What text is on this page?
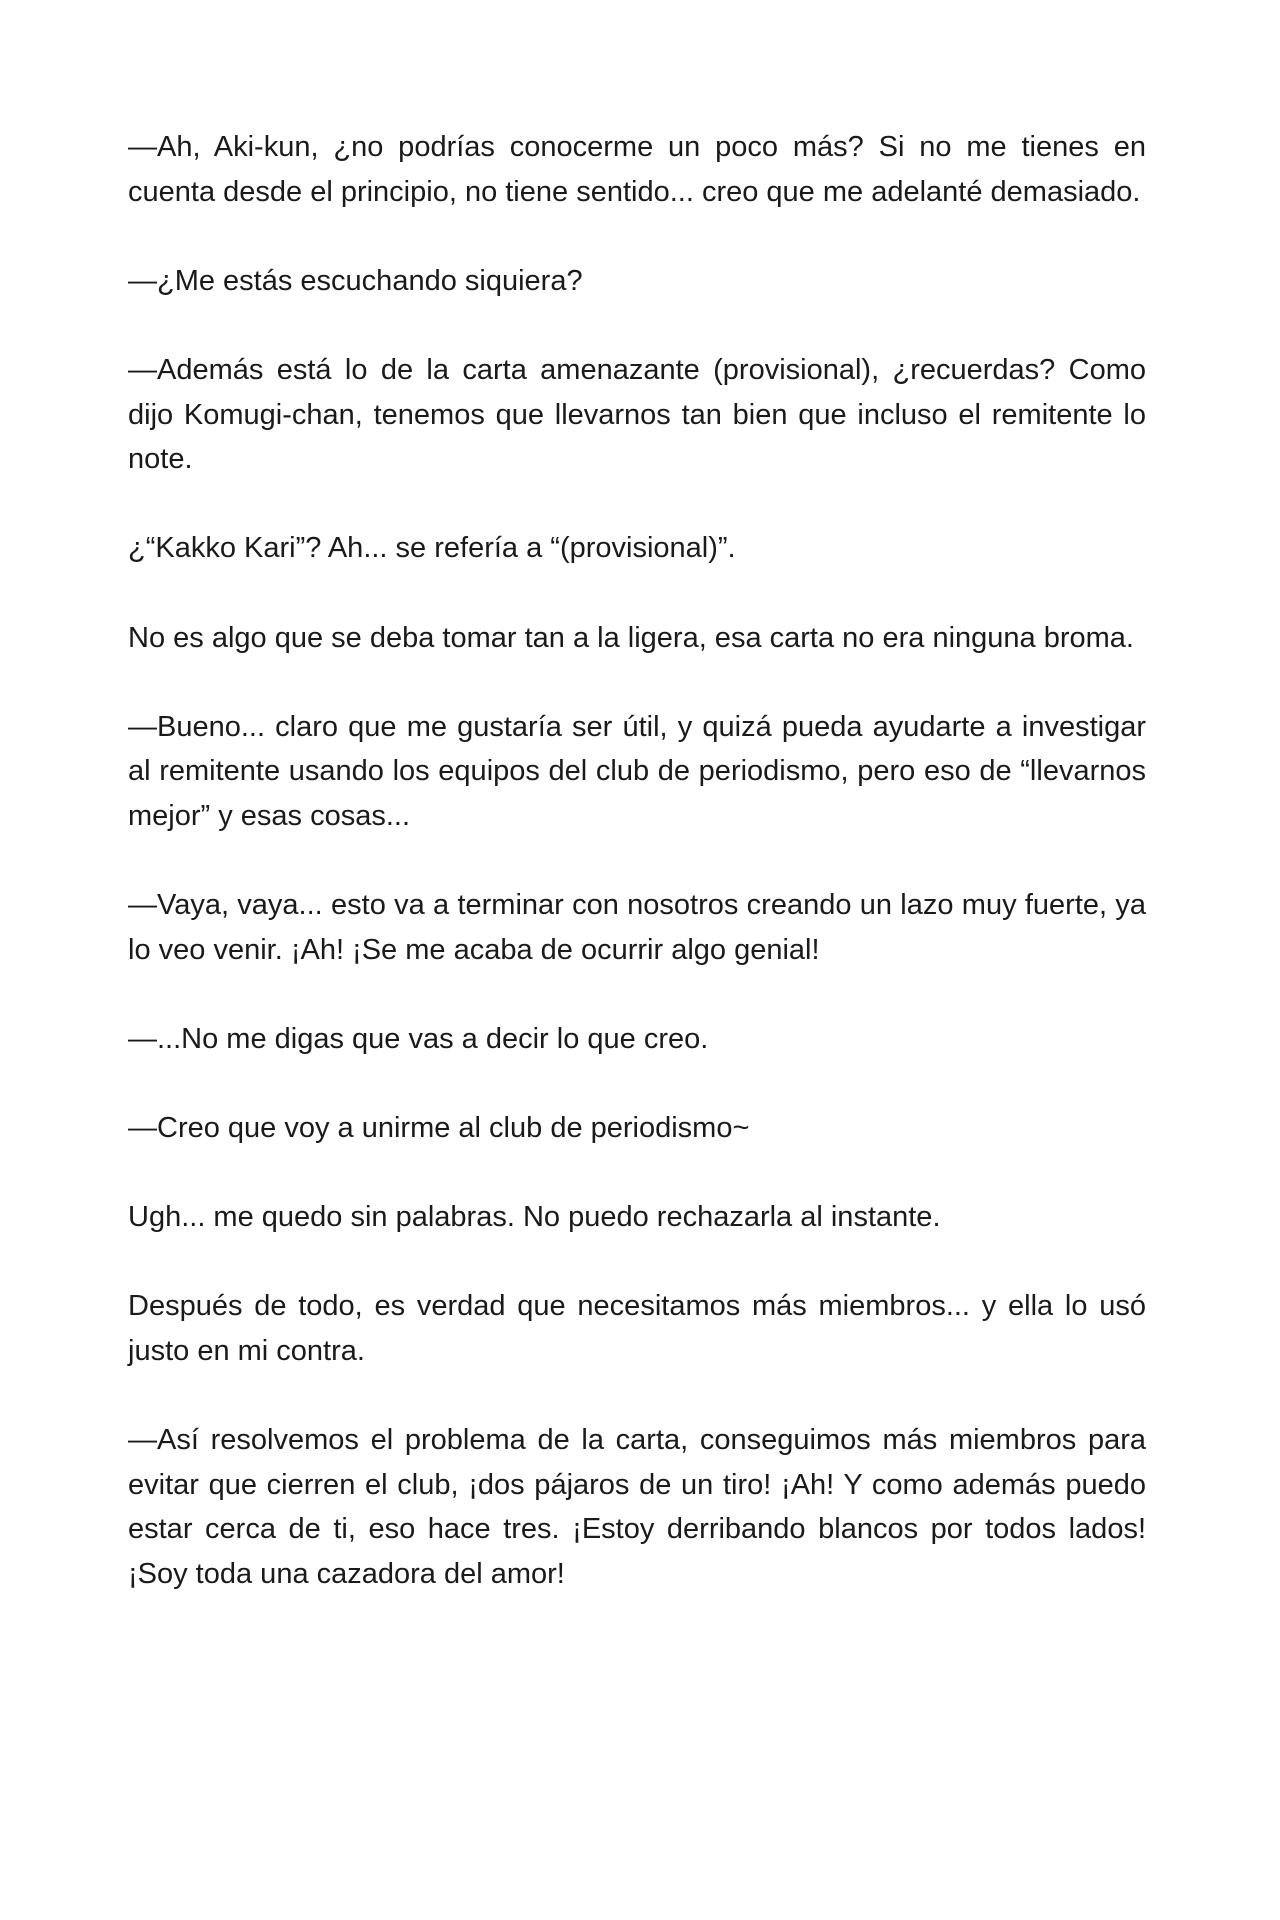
—Ah, Aki-kun, ¿no podrías conocerme un poco más? Si no me tienes en cuenta desde el principio, no tiene sentido... creo que me adelanté demasiado.

—¿Me estás escuchando siquiera?

—Además está lo de la carta amenazante (provisional), ¿recuerdas? Como dijo Komugi-chan, tenemos que llevarnos tan bien que incluso el remitente lo note.

¿“Kakko Kari”? Ah... se refería a “(provisional)”.

No es algo que se deba tomar tan a la ligera, esa carta no era ninguna broma.

—Bueno... claro que me gustaría ser útil, y quizá pueda ayudarte a investigar al remitente usando los equipos del club de periodismo, pero eso de “llevarnos mejor” y esas cosas...

—Vaya, vaya... esto va a terminar con nosotros creando un lazo muy fuerte, ya lo veo venir. ¡Ah! ¡Se me acaba de ocurrir algo genial!

—...No me digas que vas a decir lo que creo.

—Creo que voy a unirme al club de periodismo~

Ugh... me quedo sin palabras. No puedo rechazarla al instante.

Después de todo, es verdad que necesitamos más miembros... y ella lo usó justo en mi contra.

—Así resolvemos el problema de la carta, conseguimos más miembros para evitar que cierren el club, ¡dos pájaros de un tiro! ¡Ah! Y como además puedo estar cerca de ti, eso hace tres. ¡Estoy derribando blancos por todos lados! ¡Soy toda una cazadora del amor!
